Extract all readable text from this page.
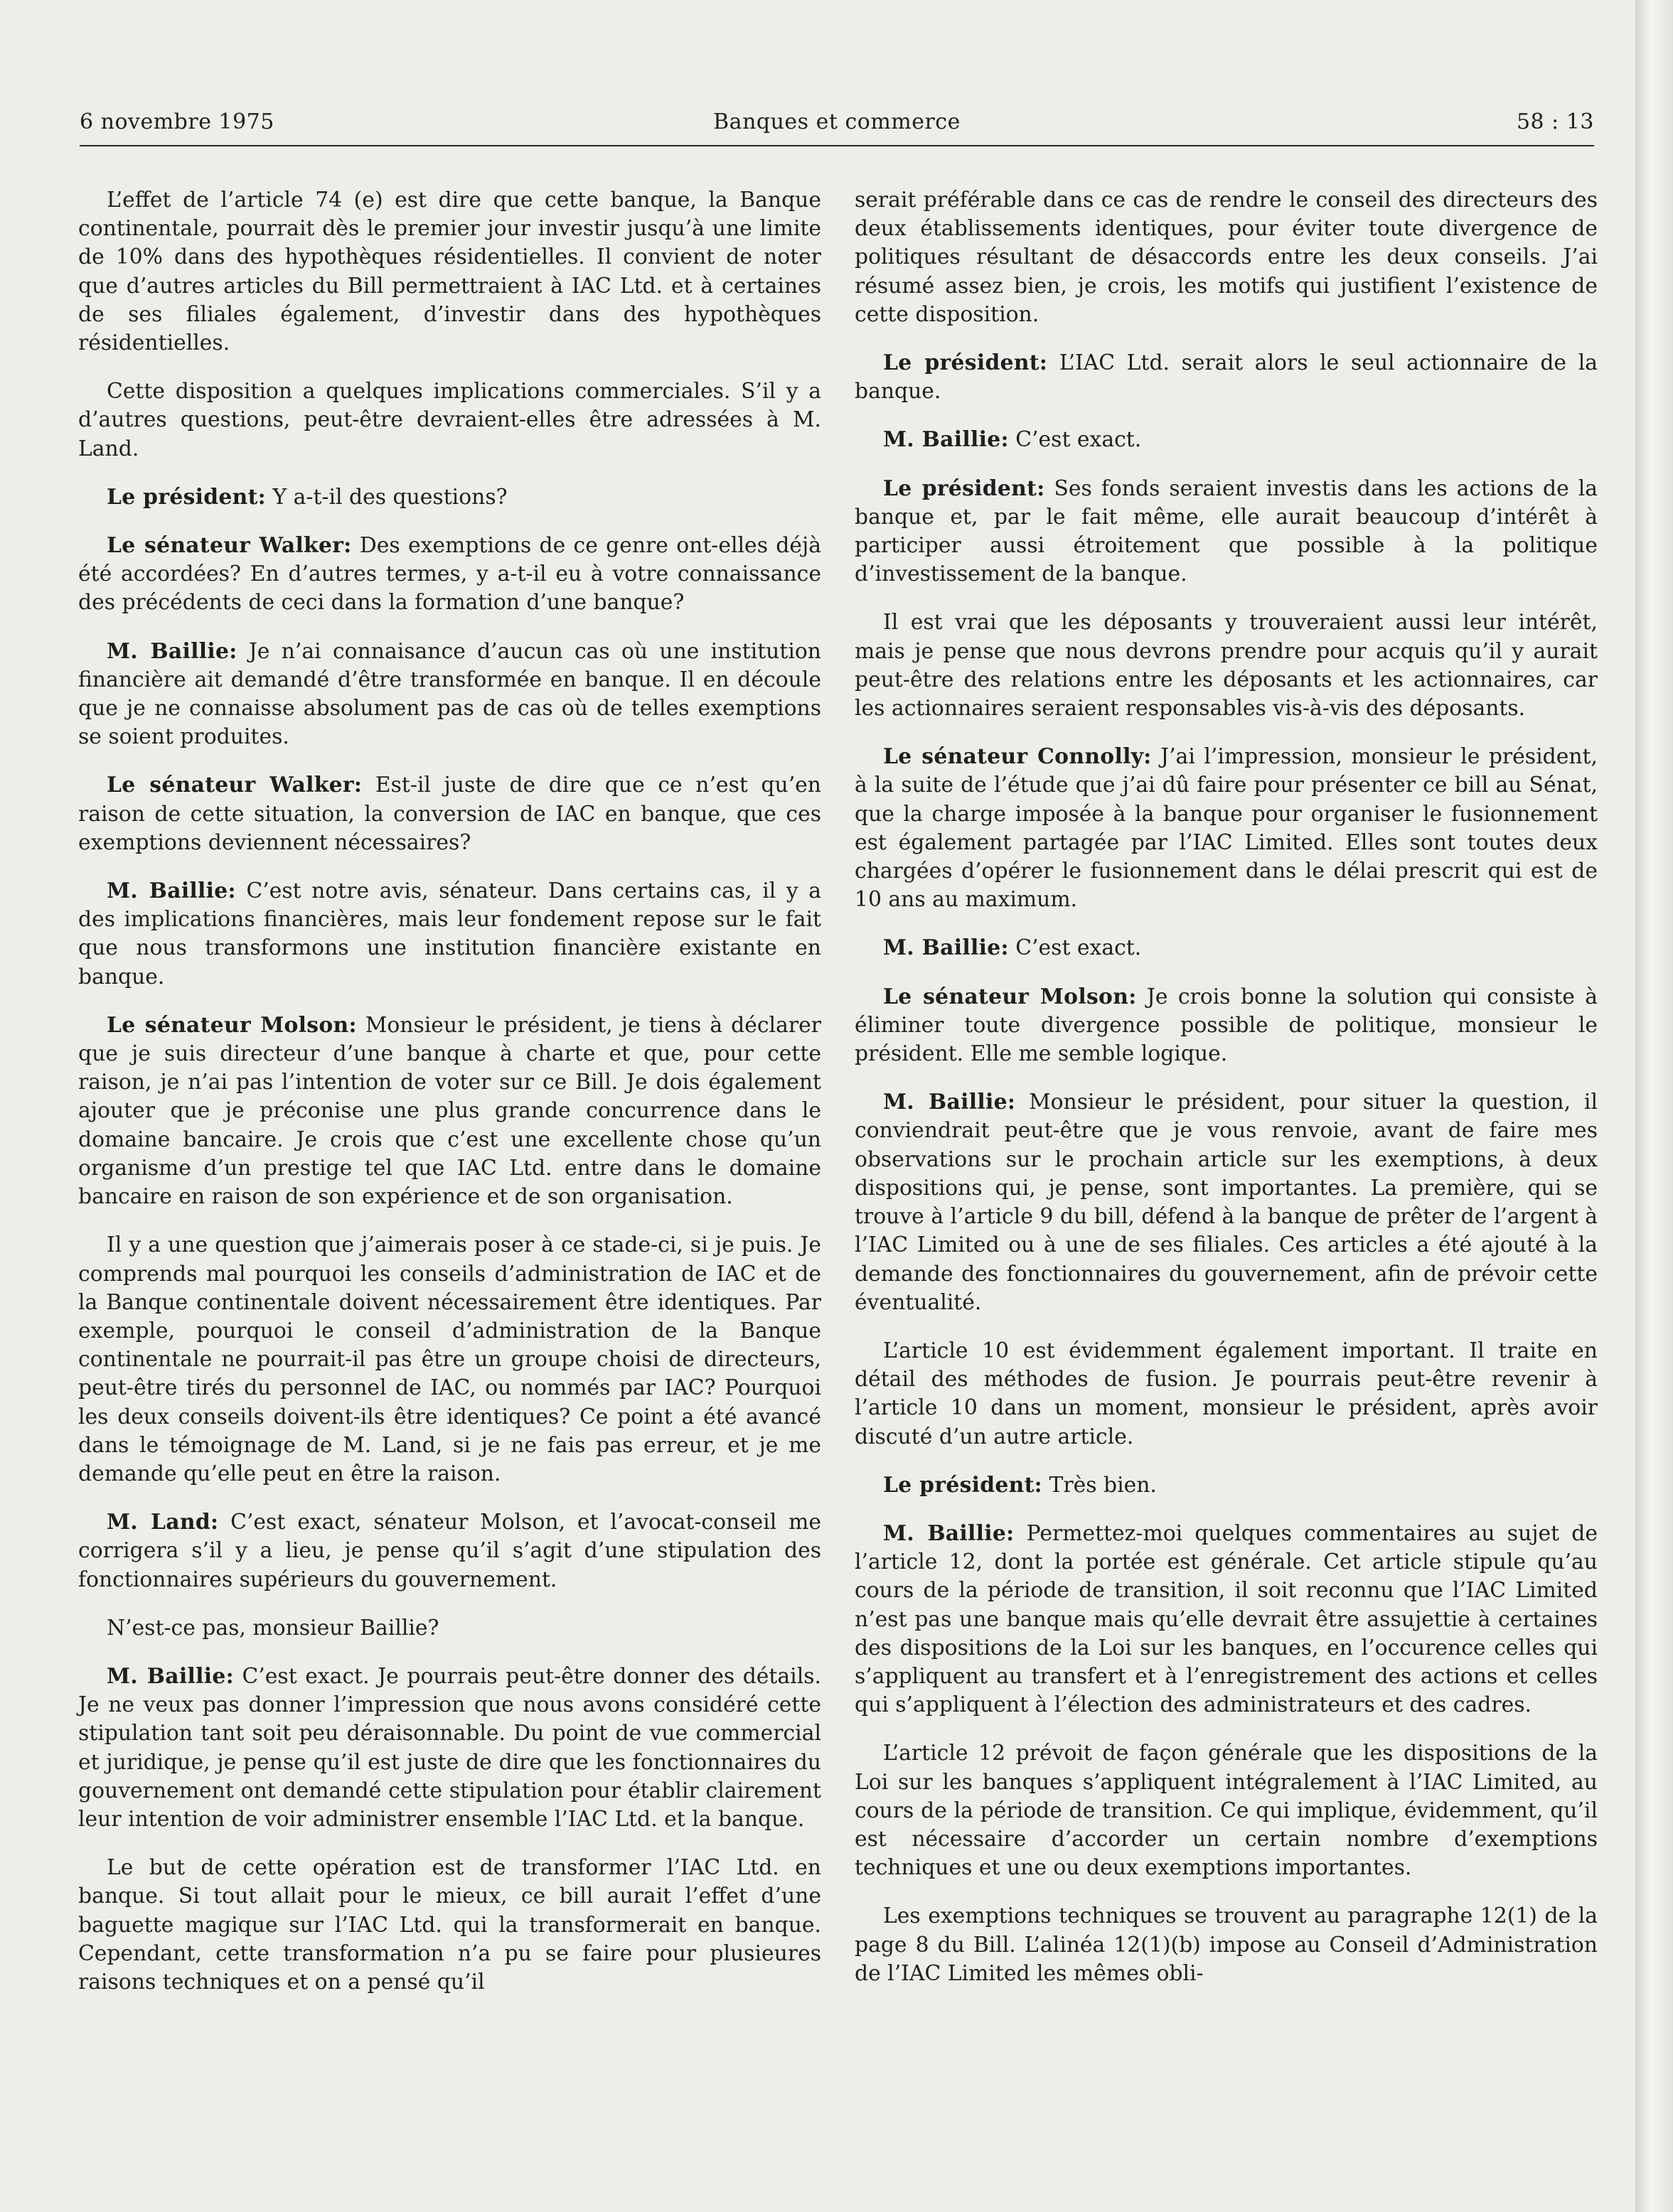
6 novembre 1975	Banques et commerce	58 : 13

L’effet de l’article 74 (e) est dire que cette banque, la Banque continentale, pourrait dès le premier jour investir jusqu’à une limite de 10% dans des hypothèques résidentielles. Il convient de noter que d’autres articles du Bill permettraient à IAC Ltd. et à certaines de ses filiales également, d’investir dans des hypothèques résidentielles.

Cette disposition a quelques implications commerciales. S’il y a d’autres questions, peut-être devraient-elles être adressées à M. Land.

Le président: Y a-t-il des questions?

Le sénateur Walker: Des exemptions de ce genre ont-elles déjà été accordées? En d’autres termes, y a-t-il eu à votre connaissance des précédents de ceci dans la formation d’une banque?

M. Baillie: Je n’ai connaisance d’aucun cas où une institution financière ait demandé d’être transformée en banque. Il en découle que je ne connaisse absolument pas de cas où de telles exemptions se soient produites.

Le sénateur Walker: Est-il juste de dire que ce n’est qu’en raison de cette situation, la conversion de IAC en banque, que ces exemptions deviennent nécessaires?

M. Baillie: C’est notre avis, sénateur. Dans certains cas, il y a des implications financières, mais leur fondement repose sur le fait que nous transformons une institution financière existante en banque.

Le sénateur Molson: Monsieur le président, je tiens à déclarer que je suis directeur d’une banque à charte et que, pour cette raison, je n’ai pas l’intention de voter sur ce Bill. Je dois également ajouter que je préconise une plus grande concurrence dans le domaine bancaire. Je crois que c’est une excellente chose qu’un organisme d’un prestige tel que IAC Ltd. entre dans le domaine bancaire en raison de son expérience et de son organisation.

Il y a une question que j’aimerais poser à ce stade-ci, si je puis. Je comprends mal pourquoi les conseils d’administration de IAC et de la Banque continentale doivent nécessairement être identiques. Par exemple, pourquoi le conseil d’administration de la Banque continentale ne pourrait-il pas être un groupe choisi de directeurs, peut-être tirés du personnel de IAC, ou nommés par IAC? Pourquoi les deux conseils doivent-ils être identiques? Ce point a été avancé dans le témoignage de M. Land, si je ne fais pas erreur, et je me demande qu’elle peut en être la raison.

M. Land: C’est exact, sénateur Molson, et l’avocat-conseil me corrigera s’il y a lieu, je pense qu’il s’agit d’une stipulation des fonctionnaires supérieurs du gouvernement.

N’est-ce pas, monsieur Baillie?

M. Baillie: C’est exact. Je pourrais peut-être donner des détails. Je ne veux pas donner l’impression que nous avons considéré cette stipulation tant soit peu déraisonnable. Du point de vue commercial et juridique, je pense qu’il est juste de dire que les fonctionnaires du gouvernement ont demandé cette stipulation pour établir clairement leur intention de voir administrer ensemble l’IAC Ltd. et la banque.

Le but de cette opération est de transformer l’IAC Ltd. en banque. Si tout allait pour le mieux, ce bill aurait l’effet d’une baguette magique sur l’IAC Ltd. qui la transformerait en banque. Cependant, cette transformation n’a pu se faire pour plusieures raisons techniques et on a pensé qu’il

serait préférable dans ce cas de rendre le conseil des directeurs des deux établissements identiques, pour éviter toute divergence de politiques résultant de désaccords entre les deux conseils. J’ai résumé assez bien, je crois, les motifs qui justifient l’existence de cette disposition.

Le président: L’IAC Ltd. serait alors le seul actionnaire de la banque.

M. Baillie: C’est exact.

Le président: Ses fonds seraient investis dans les actions de la banque et, par le fait même, elle aurait beaucoup d’intérêt à participer aussi étroitement que possible à la politique d’investissement de la banque.

Il est vrai que les déposants y trouveraient aussi leur intérêt, mais je pense que nous devrons prendre pour acquis qu’il y aurait peut-être des relations entre les déposants et les actionnaires, car les actionnaires seraient responsables vis-à-vis des déposants.

Le sénateur Connolly: J’ai l’impression, monsieur le président, à la suite de l’étude que j’ai dû faire pour présenter ce bill au Sénat, que la charge imposée à la banque pour organiser le fusionnement est également partagée par l’IAC Limited. Elles sont toutes deux chargées d’opérer le fusionnement dans le délai prescrit qui est de 10 ans au maximum.

M. Baillie: C’est exact.

Le sénateur Molson: Je crois bonne la solution qui consiste à éliminer toute divergence possible de politique, monsieur le président. Elle me semble logique.

M. Baillie: Monsieur le président, pour situer la question, il conviendrait peut-être que je vous renvoie, avant de faire mes observations sur le prochain article sur les exemptions, à deux dispositions qui, je pense, sont importantes. La première, qui se trouve à l’article 9 du bill, défend à la banque de prêter de l’argent à l’IAC Limited ou à une de ses filiales. Ces articles a été ajouté à la demande des fonctionnaires du gouvernement, afin de prévoir cette éventualité.

L’article 10 est évidemment également important. Il traite en détail des méthodes de fusion. Je pourrais peut-être revenir à l’article 10 dans un moment, monsieur le président, après avoir discuté d’un autre article.

Le président: Très bien.

M. Baillie: Permettez-moi quelques commentaires au sujet de l’article 12, dont la portée est générale. Cet article stipule qu’au cours de la période de transition, il soit reconnu que l’IAC Limited n’est pas une banque mais qu’elle devrait être assujettie à certaines des dispositions de la Loi sur les banques, en l’occurence celles qui s’appliquent au transfert et à l’enregistrement des actions et celles qui s’appliquent à l’élection des administrateurs et des cadres.

L’article 12 prévoit de façon générale que les dispositions de la Loi sur les banques s’appliquent intégralement à l’IAC Limited, au cours de la période de transition. Ce qui implique, évidemment, qu’il est nécessaire d’accorder un certain nombre d’exemptions techniques et une ou deux exemptions importantes.

Les exemptions techniques se trouvent au paragraphe 12(1) de la page 8 du Bill. L’alinéa 12(1)(b) impose au Conseil d’Administration de l’IAC Limited les mêmes obli-
